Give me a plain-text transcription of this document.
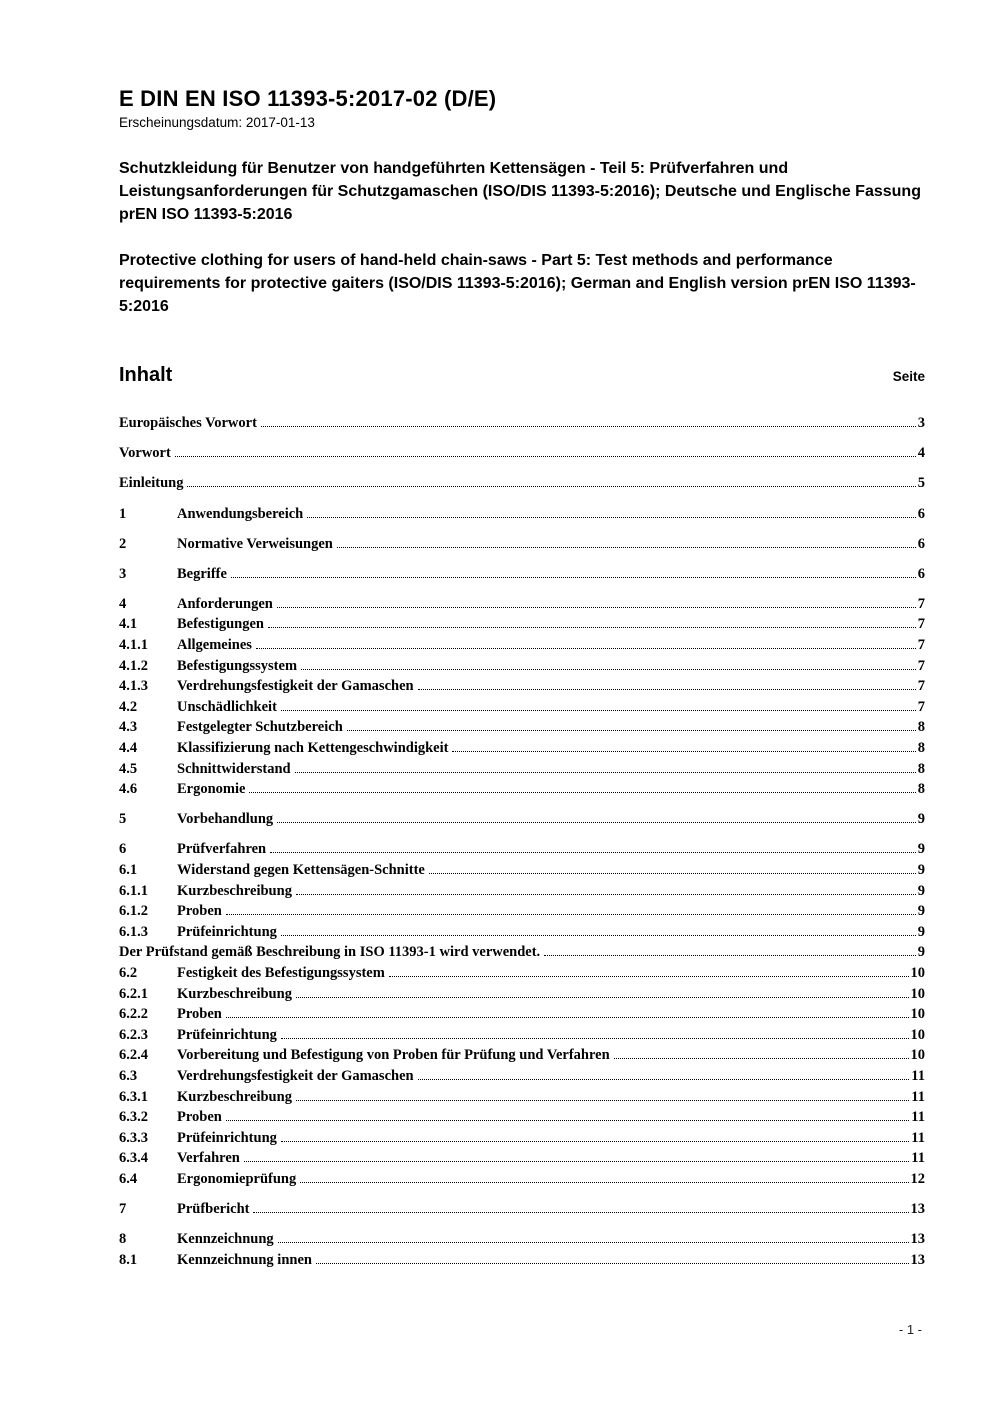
E DIN EN ISO 11393-5:2017-02 (D/E)
Erscheinungsdatum: 2017-01-13
Schutzkleidung für Benutzer von handgeführten Kettensägen - Teil 5: Prüfverfahren und Leistungsanforderungen für Schutzgamaschen (ISO/DIS 11393-5:2016); Deutsche und Englische Fassung prEN ISO 11393-5:2016
Protective clothing for users of hand-held chain-saws - Part 5: Test methods and performance requirements for protective gaiters (ISO/DIS 11393-5:2016); German and English version prEN ISO 11393-5:2016
Inhalt	Seite
Europäisches Vorwort	3
Vorwort	4
Einleitung	5
1	Anwendungsbereich	6
2	Normative Verweisungen	6
3	Begriffe	6
4	Anforderungen	7
4.1	Befestigungen	7
4.1.1	Allgemeines	7
4.1.2	Befestigungssystem	7
4.1.3	Verdrehungsfestigkeit der Gamaschen	7
4.2	Unschädlichkeit	7
4.3	Festgelegter Schutzbereich	8
4.4	Klassifizierung nach Kettengeschwindigkeit	8
4.5	Schnittwiderstand	8
4.6	Ergonomie	8
5	Vorbehandlung	9
6	Prüfverfahren	9
6.1	Widerstand gegen Kettensägen-Schnitte	9
6.1.1	Kurzbeschreibung	9
6.1.2	Proben	9
6.1.3	Prüfeinrichtung	9
Der Prüfstand gemäß Beschreibung in ISO 11393-1 wird verwendet.	9
6.2	Festigkeit des Befestigungssystem	10
6.2.1	Kurzbeschreibung	10
6.2.2	Proben	10
6.2.3	Prüfeinrichtung	10
6.2.4	Vorbereitung und Befestigung von Proben für Prüfung und Verfahren	10
6.3	Verdrehungsfestigkeit der Gamaschen	11
6.3.1	Kurzbeschreibung	11
6.3.2	Proben	11
6.3.3	Prüfeinrichtung	11
6.3.4	Verfahren	11
6.4	Ergonomieprüfung	12
7	Prüfbericht	13
8	Kennzeichnung	13
8.1	Kennzeichnung innen	13
- 1 -
